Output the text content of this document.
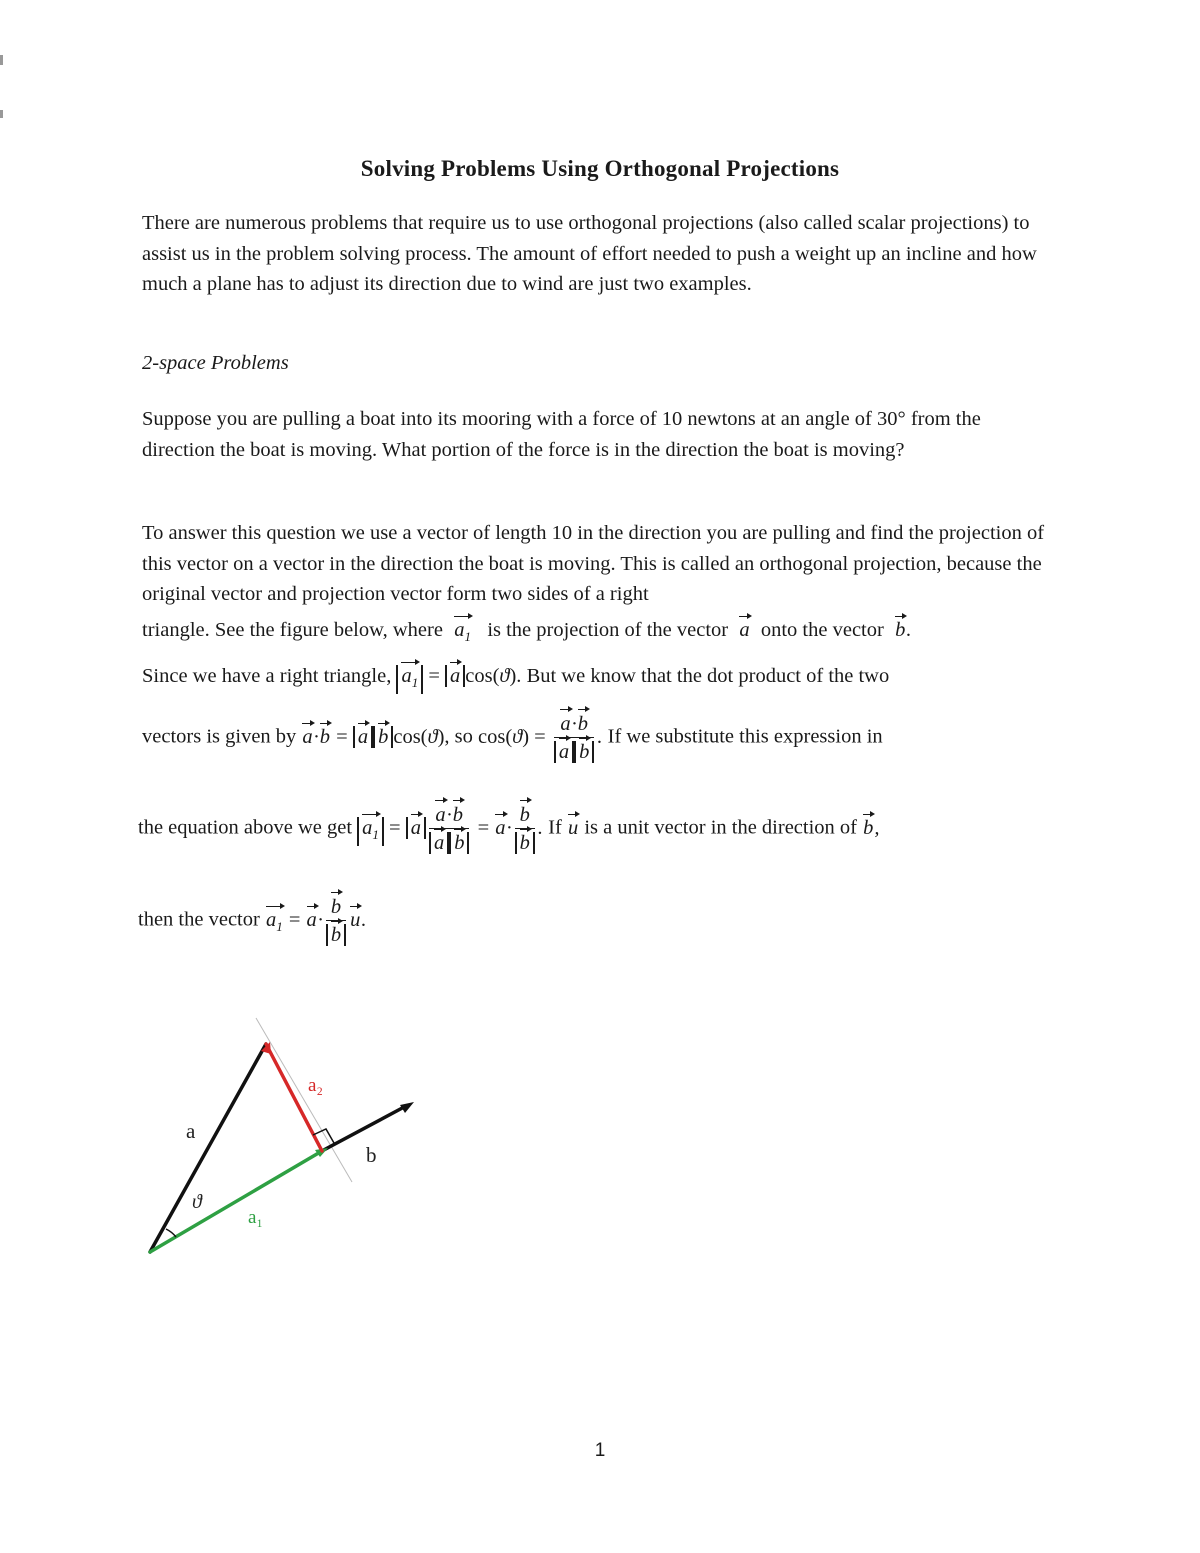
Solving Problems Using Orthogonal Projections
There are numerous problems that require us to use orthogonal projections (also called scalar projections) to assist us in the problem solving process. The amount of effort needed to push a weight up an incline and how much a plane has to adjust its direction due to wind are just two examples.
2-space Problems
Suppose you are pulling a boat into its mooring with a force of 10 newtons at an angle of 30° from the direction the boat is moving. What portion of the force is in the direction the boat is moving?
To answer this question we use a vector of length 10 in the direction you are pulling and find the projection of this vector on a vector in the direction the boat is moving. This is called an orthogonal projection, because the original vector and projection vector form two sides of a right
triangle. See the figure below, where $a_1$ is the projection of the vector a onto the vector b.
Since we have a right triangle, $a_1 = a$ cos(ϑ). But we know that the dot product of the two
vectors is given by a·b = a b cos(ϑ), so $\cos(ϑ) = \frac{a\cdot b}{\text{a b}}$ . If we substitute this expression in
the equation above we get $a_1 = a \frac{a\cdot b}{\text{a b}} = a\cdot \frac{b}{b}$ . If u is a unit vector in the direction of b,
then the vector $a_1 = a\cdot \frac{b}{b} u$.
a
b
a₁
a₂
ϑ
1
